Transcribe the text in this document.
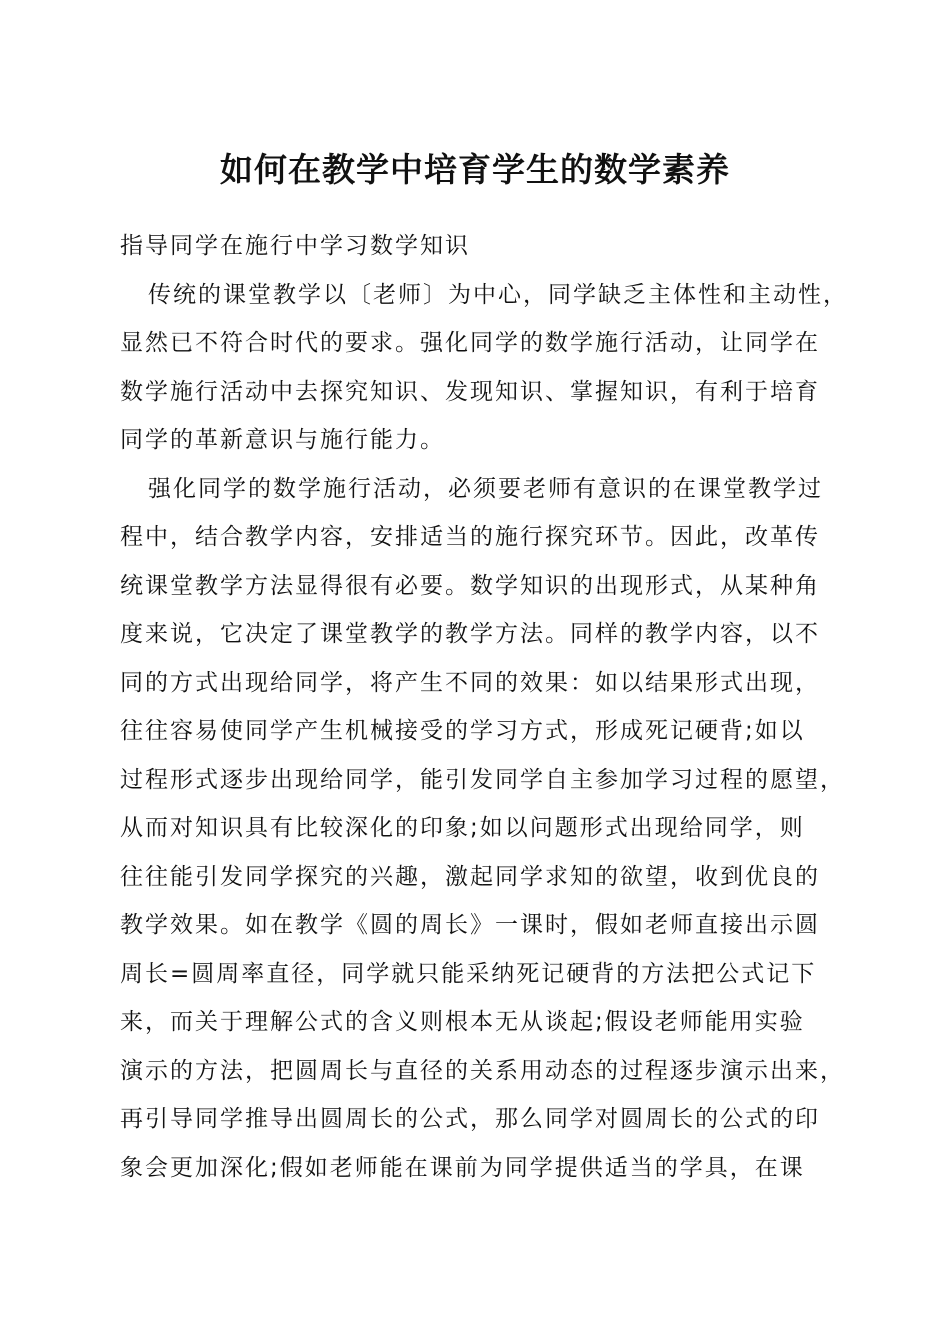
如何在教学中培育学生的数学素养
指导同学在施行中学习数学知识
传统的课堂教学以〔老师〕为中心，同学缺乏主体性和主动性，
显然已不符合时代的要求。强化同学的数学施行活动，让同学在
数学施行活动中去探究知识、发现知识、掌握知识，有利于培育
同学的革新意识与施行能力。
强化同学的数学施行活动，必须要老师有意识的在课堂教学过
程中，结合教学内容，安排适当的施行探究环节。因此，改革传
统课堂教学方法显得很有必要。数学知识的出现形式，从某种角
度来说，它决定了课堂教学的教学方法。同样的教学内容，以不
同的方式出现给同学，将产生不同的效果：如以结果形式出现，
往往容易使同学产生机械接受的学习方式，形成死记硬背;如以
过程形式逐步出现给同学，能引发同学自主参加学习过程的愿望，
从而对知识具有比较深化的印象;如以问题形式出现给同学，则
往往能引发同学探究的兴趣，激起同学求知的欲望，收到优良的
教学效果。如在教学《圆的周长》一课时，假如老师直接出示圆
周长=圆周率直径，同学就只能采纳死记硬背的方法把公式记下
来，而关于理解公式的含义则根本无从谈起;假设老师能用实验
演示的方法，把圆周长与直径的关系用动态的过程逐步演示出来，
再引导同学推导出圆周长的公式，那么同学对圆周长的公式的印
象会更加深化;假如老师能在课前为同学提供适当的学具，在课
